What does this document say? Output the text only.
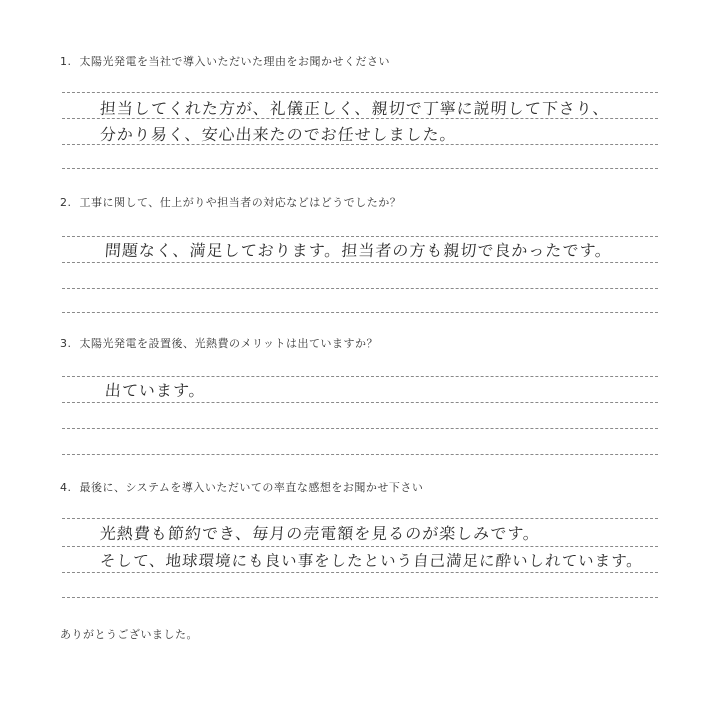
1. 太陽光発電を当社で導入いただいた理由をお聞かせください
担当してくれた方が、礼儀正しく、親切で丁寧に説明して下さり、
分かり易く、安心出来たのでお任せしました。
2. 工事に関して、仕上がりや担当者の対応などはどうでしたか？
問題なく、満足しております。担当者の方も親切で良かったです。
3. 太陽光発電を設置後、光熱費のメリットは出ていますか？
出ています。
4. 最後に、システムを導入いただいての率直な感想をお聞かせ下さい
光熱費も節約でき、毎月の売電額を見るのが楽しみです。
そして、地球環境にも良い事をしたという自己満足に酔いしれています。
ありがとうございました。
